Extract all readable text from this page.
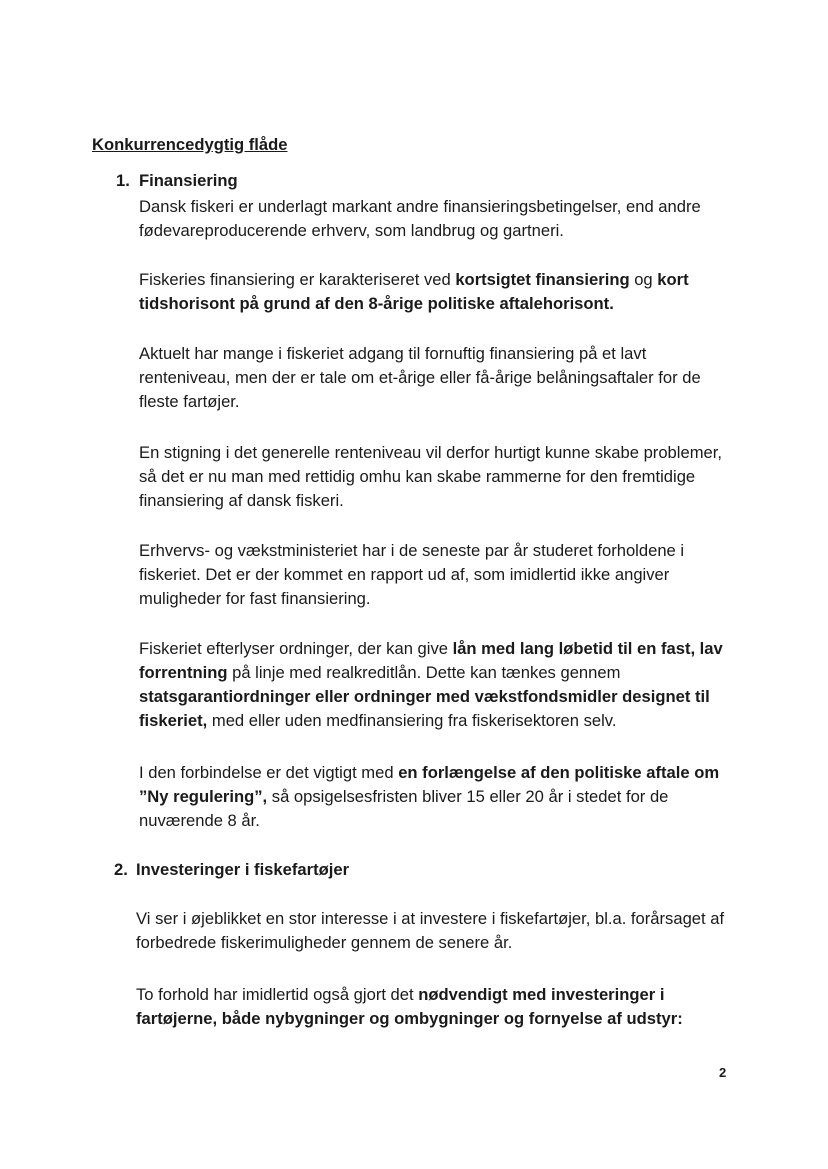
Konkurrencedygtig flåde
1. Finansiering
Dansk fiskeri er underlagt markant andre finansieringsbetingelser, end andre fødevareproducerende erhverv, som landbrug og gartneri.
Fiskeries finansiering er karakteriseret ved kortsigtet finansiering og kort tidshorisont på grund af den 8-årige politiske aftalehorisont.
Aktuelt har mange i fiskeriet adgang til fornuftig finansiering på et lavt renteniveau, men der er tale om et-årige eller få-årige belåningsaftaler for de fleste fartøjer.
En stigning i det generelle renteniveau vil derfor hurtigt kunne skabe problemer, så det er nu man med rettidig omhu kan skabe rammerne for den fremtidige finansiering af dansk fiskeri.
Erhvervs- og vækstministeriet har i de seneste par år studeret forholdene i fiskeriet. Det er der kommet en rapport ud af, som imidlertid ikke angiver muligheder for fast finansiering.
Fiskeriet efterlyser ordninger, der kan give lån med lang løbetid til en fast, lav forrentning på linje med realkreditlån. Dette kan tænkes gennem statsgarantiordninger eller ordninger med vækstfondsmidler designet til fiskeriet, med eller uden medfinansiering fra fiskerisektoren selv.
I den forbindelse er det vigtigt med en forlængelse af den politiske aftale om ”Ny regulering”, så opsigelsesfristen bliver 15 eller 20 år i stedet for de nuværende 8 år.
2. Investeringer i fiskefartøjer
Vi ser i øjeblikket en stor interesse i at investere i fiskefartøjer, bl.a. forårsaget af forbedrede fiskerimuligheder gennem de senere år.
To forhold har imidlertid også gjort det nødvendigt med investeringer i fartøjerne, både nybygninger og ombygninger og fornyelse af udstyr:
2
